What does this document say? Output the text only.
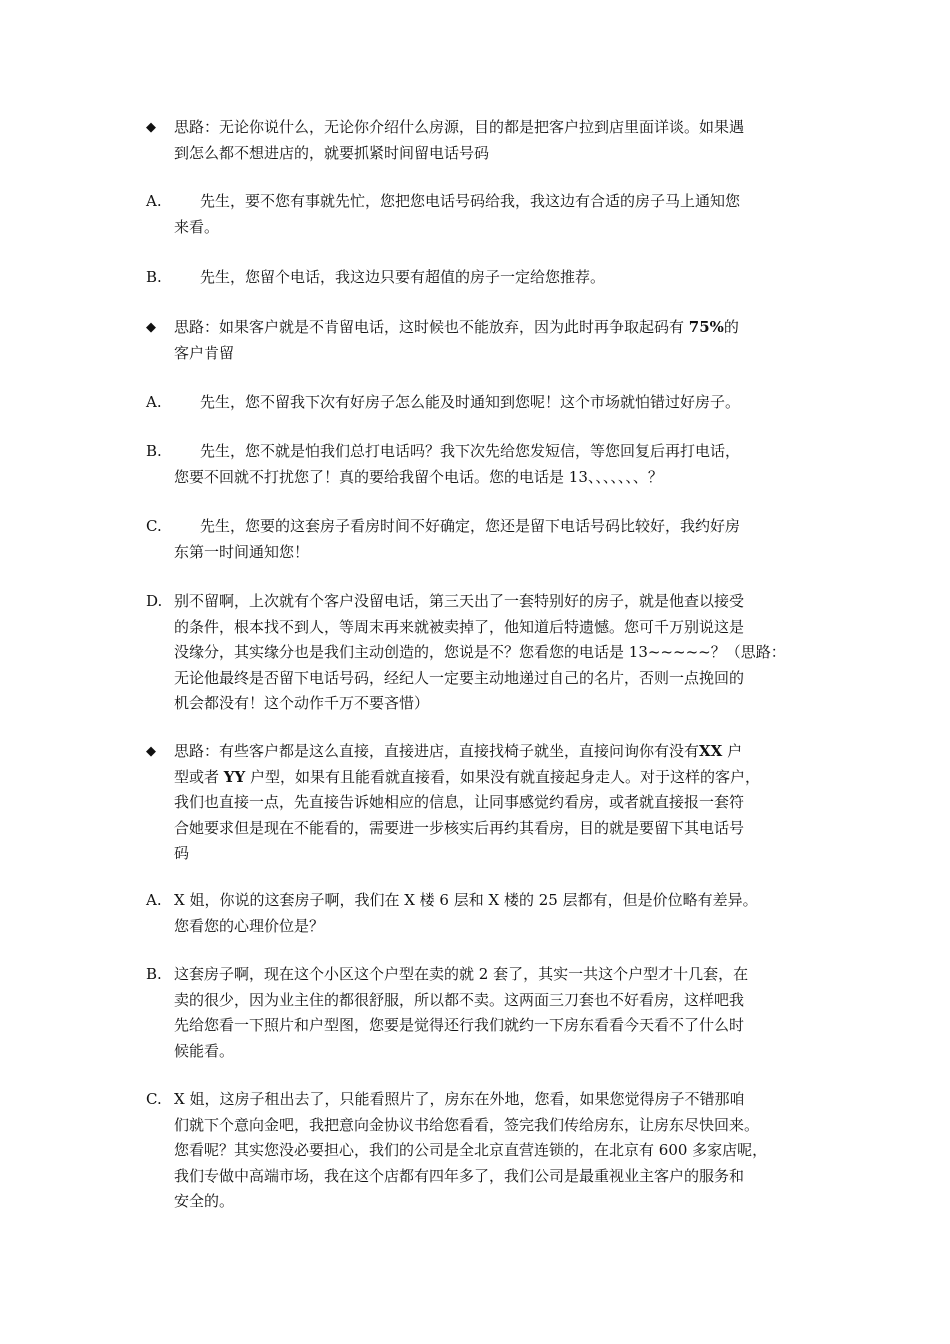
◆	思路：无论你说什么，无论你介绍什么房源，目的都是把客户拉到店里面详谈。如果遇
到怎么都不想进店的，就要抓紧时间留电话号码
A.	先生，要不您有事就先忙，您把您电话号码给我，我这边有合适的房子马上通知您
来看。
B.	先生，您留个电话，我这边只要有超值的房子一定给您推荐。
◆	思路：如果客户就是不肯留电话，这时候也不能放弃，因为此时再争取起码有 75%的
客户肯留
A.	先生，您不留我下次有好房子怎么能及时通知到您呢！这个市场就怕错过好房子。
B.	先生，您不就是怕我们总打电话吗？我下次先给您发短信，等您回复后再打电话，
您要不回就不打扰您了！真的要给我留个电话。您的电话是 13、、、、、、、？
C.	先生，您要的这套房子看房时间不好确定，您还是留下电话号码比较好，我约好房
东第一时间通知您！
D. 别不留啊，上次就有个客户没留电话，第三天出了一套特别好的房子，就是他查以接受
的条件，根本找不到人，等周末再来就被卖掉了，他知道后特遗憾。您可千万别说这是
没缘分，其实缘分也是我们主动创造的，您说是不？您看您的电话是 13~~~~~？（思路：
无论他最终是否留下电话号码，经纪人一定要主动地递过自己的名片，否则一点挽回的
机会都没有！这个动作千万不要吝惜）
◆	思路：有些客户都是这么直接，直接进店，直接找椅子就坐，直接问询你有没有XX 户
型或者 YY 户型，如果有且能看就直接看，如果没有就直接起身走人。对于这样的客户，
我们也直接一点，先直接告诉她相应的信息，让同事感觉约看房，或者就直接报一套符
合她要求但是现在不能看的，需要进一步核实后再约其看房，目的就是要留下其电话号
码
A. X 姐，你说的这套房子啊，我们在 X 楼 6 层和 X 楼的 25 层都有，但是价位略有差异。
您看您的心理价位是？
B. 这套房子啊，现在这个小区这个户型在卖的就 2 套了，其实一共这个户型才十几套，在
卖的很少，因为业主住的都很舒服，所以都不卖。这两面三刀套也不好看房，这样吧我
先给您看一下照片和户型图，您要是觉得还行我们就约一下房东看看今天看不了什么时
候能看。
C. X 姐，这房子租出去了，只能看照片了，房东在外地，您看，如果您觉得房子不错那咱
们就下个意向金吧，我把意向金协议书给您看看，签完我们传给房东，让房东尽快回来。
您看呢？其实您没必要担心，我们的公司是全北京直营连锁的，在北京有 600 多家店呢，
我们专做中高端市场，我在这个店都有四年多了，我们公司是最重视业主客户的服务和
安全的。
